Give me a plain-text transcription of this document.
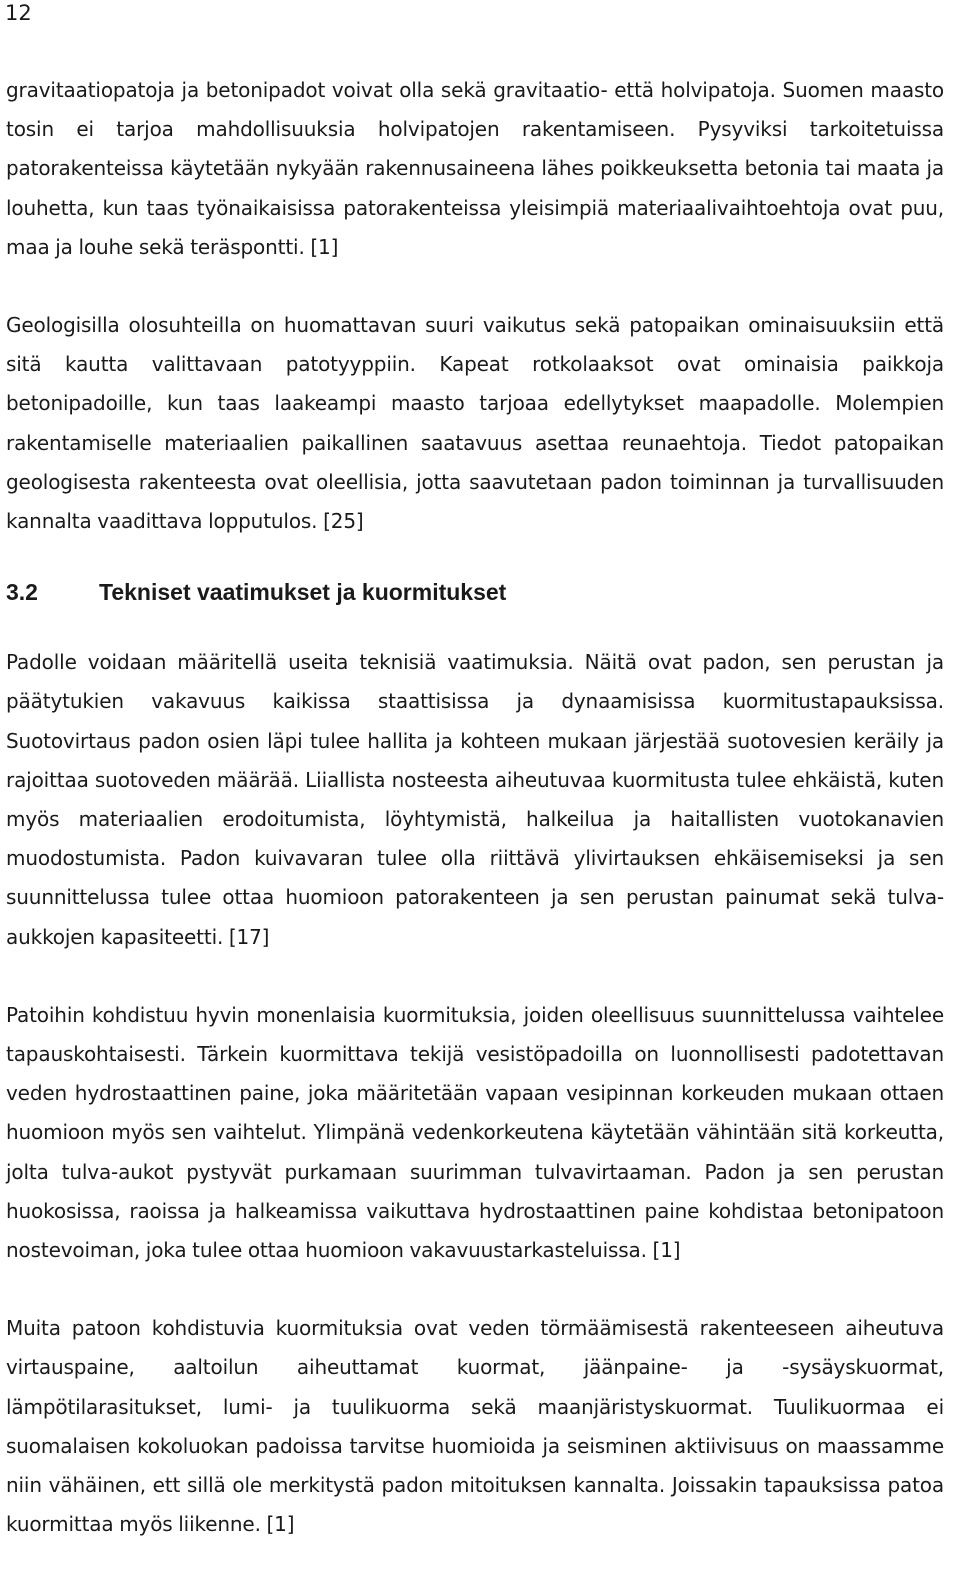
12

gravitaatiopatoja ja betonipadot voivat olla sekä gravitaatio- että holvipatoja. Suomen maasto tosin ei tarjoa mahdollisuuksia holvipatojen rakentamiseen. Pysyviksi tarkoitetuissa patorakenteissa käytetään nykyään rakennusaineena lähes poikkeuksetta betonia tai maata ja louhetta, kun taas työnaikaisissa patorakenteissa yleisimpiä materiaalivaihtoehtoja ovat puu, maa ja louhe sekä teräspontti. [1]

Geologisilla olosuhteilla on huomattavan suuri vaikutus sekä patopaikan ominaisuuksiin että sitä kautta valittavaan patotyyppiin. Kapeat rotkolaaksot ovat ominaisia paikkoja betonipadoille, kun taas laakeampi maasto tarjoaa edellytykset maapadolle. Molempien rakentamiselle materiaalien paikallinen saatavuus asettaa reunaehtoja. Tiedot patopaikan geologisesta rakenteesta ovat oleellisia, jotta saavutetaan padon toiminnan ja turvallisuuden kannalta vaadittava lopputulos. [25]

3.2	Tekniset vaatimukset ja kuormitukset

Padolle voidaan määritellä useita teknisiä vaatimuksia. Näitä ovat padon, sen perustan ja päätytukien vakavuus kaikissa staattisissa ja dynaamisissa kuormitustapauksissa. Suotovirtaus padon osien läpi tulee hallita ja kohteen mukaan järjestää suotovesien keräily ja rajoittaa suotoveden määrää. Liiallista nosteesta aiheutuvaa kuormitusta tulee ehkäistä, kuten myös materiaalien erodoitumista, löyhtymistä, halkeilua ja haitallisten vuotokanavien muodostumista. Padon kuivavaran tulee olla riittävä ylivirtauksen ehkäisemiseksi ja sen suunnittelussa tulee ottaa huomioon patorakenteen ja sen perustan painumat sekä tulva-aukkojen kapasiteetti. [17]

Patoihin kohdistuu hyvin monenlaisia kuormituksia, joiden oleellisuus suunnittelussa vaihtelee tapauskohtaisesti. Tärkein kuormittava tekijä vesistöpadoilla on luonnollisesti padotettavan veden hydrostaattinen paine, joka määritetään vapaan vesipinnan korkeuden mukaan ottaen huomioon myös sen vaihtelut. Ylimpänä vedenkorkeutena käytetään vähintään sitä korkeutta, jolta tulva-aukot pystyvät purkamaan suurimman tulvavirtaaman. Padon ja sen perustan huokosissa, raoissa ja halkeamissa vaikuttava hydrostaattinen paine kohdistaa betonipatoon nostevoiman, joka tulee ottaa huomioon vakavuustarkasteluissa. [1]

Muita patoon kohdistuvia kuormituksia ovat veden törmäämisestä rakenteeseen aiheutuva virtauspaine, aaltoilun aiheuttamat kuormat, jäänpaine- ja -sysäyskuormat, lämpötilarasitukset, lumi- ja tuulikuorma sekä maanjäristyskuormat. Tuulikuormaa ei suomalaisen kokoluokan padoissa tarvitse huomioida ja seisminen aktiivisuus on maassamme niin vähäinen, ett sillä ole merkitystä padon mitoituksen kannalta. Joissakin tapauksissa patoa kuormittaa myös liikenne. [1]
